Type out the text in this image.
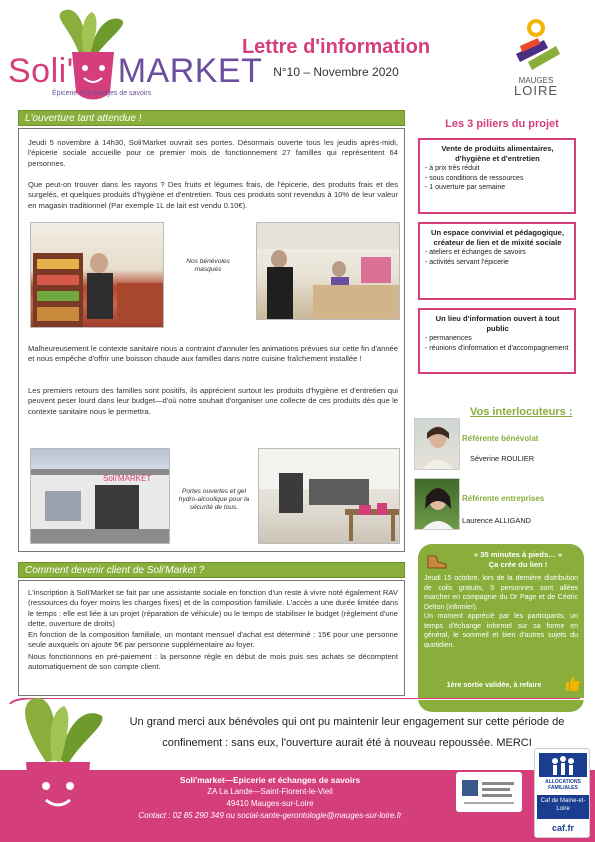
Soli' MARKET
Épicerie et échanges de savoirs
Lettre d'information
N°10 – Novembre 2020
MAUGES
LOIRE
L'ouverture tant attendue !
Jeudi 5 novembre à 14h30, Soli'Market ouvrait ses portes. Désormais ouverte tous les jeudis après-midi, l'épicerie sociale accueille pour ce premier mois de fonctionnement 27 familles qui représentent 64 personnes.
Que peut-on trouver dans les rayons ? Des fruits et légumes frais, de l'épicerie, des produits frais et des surgelés, et quelques produits d'hygiène et d'entretien. Tous ces produits sont revendus à 10% de leur valeur en magasin traditionnel (Par exemple 1L de lait est vendu 0.10€).
Nos bénévoles masqués
Malheureusement le contexte sanitaire nous a contraint d'annuler les animations prévues sur cette fin d'année et nous empêche d'offrir une boisson chaude aux familles dans notre cuisine fraîchement installée !
Les premiers retours des familles sont positifs, ils apprécient surtout les produits d'hygiène et d'entretien qui peuvent peser lourd dans leur budget—d'où notre souhait d'organiser une collecte de ces produits dès que le contexte sanitaire nous le permettra.
Soli'MARKET
Portes ouvertes et gel hydro-alcoolique pour la sécurité de tous.
Comment devenir client de Soli'Market ?
L'inscription à Soli'Market se fait par une assistante sociale en fonction d'un reste à vivre noté également RAV (ressources du foyer moins les charges fixes) et de la composition familiale. L'accès a une durée limitée dans le temps : elle est liée à un projet (réparation de véhicule) ou le temps de stabiliser le budget (règlement d'une dette, ouverture de droits)
En fonction de la composition familiale, un montant mensuel d'achat est déterminé : 15€ pour une personne seule auxquels on ajoute 5€ par personne supplémentaire au foyer.
Nous fonctionnons en pré-paiement : la personne règle en début de mois puis ses achats se décomptent automatiquement de son compte client.
Les 3 piliers du projet
Vente de produits alimentaires, d'hygiène et d'entretien
- à prix très réduit
- sous conditions de ressources
- 1 ouverture par semaine
Un espace convivial et pédagogique, créateur de lien et de mixité sociale
- ateliers et échanges de savoirs
- activités servant l'épicerie
Un lieu d'information ouvert à tout public
- permanences
- réunions d'information et d'accompagnement
Vos interlocuteurs :
Référente bénévolat
Séverine ROULIER
Référente entreprises
Laurence ALLIGAND
« 35 minutes à pieds… »
Ça crée du lien !
Jeudi 15 octobre, lors de la dernière distribution de colis gratuits, 5 personnes sont allées marcher en compagnie du Dr Page et de Cédric Delton (infirmier).
Un moment apprécié par les participants, un temps d'échange informel sur sa forme en général, le sommeil et bien d'autres sujets du quotidien.
1ère sortie validée, à refaire
Un grand merci aux bénévoles qui ont pu maintenir leur engagement sur cette période de confinement : sans eux, l'ouverture aurait été à nouveau repoussée. MERCI
Soli'market—Epicerie et échanges de savoirs
ZA La Lande—Saint-Florent-le-Vieil
49410 Mauges-sur-Loire
Contact : 02 85 290 349 ou social-sante-gerontologie@mauges-sur-loire.fr
ALLOCATIONS FAMILIALES
Caf de Maine-et-Loire
caf.fr
